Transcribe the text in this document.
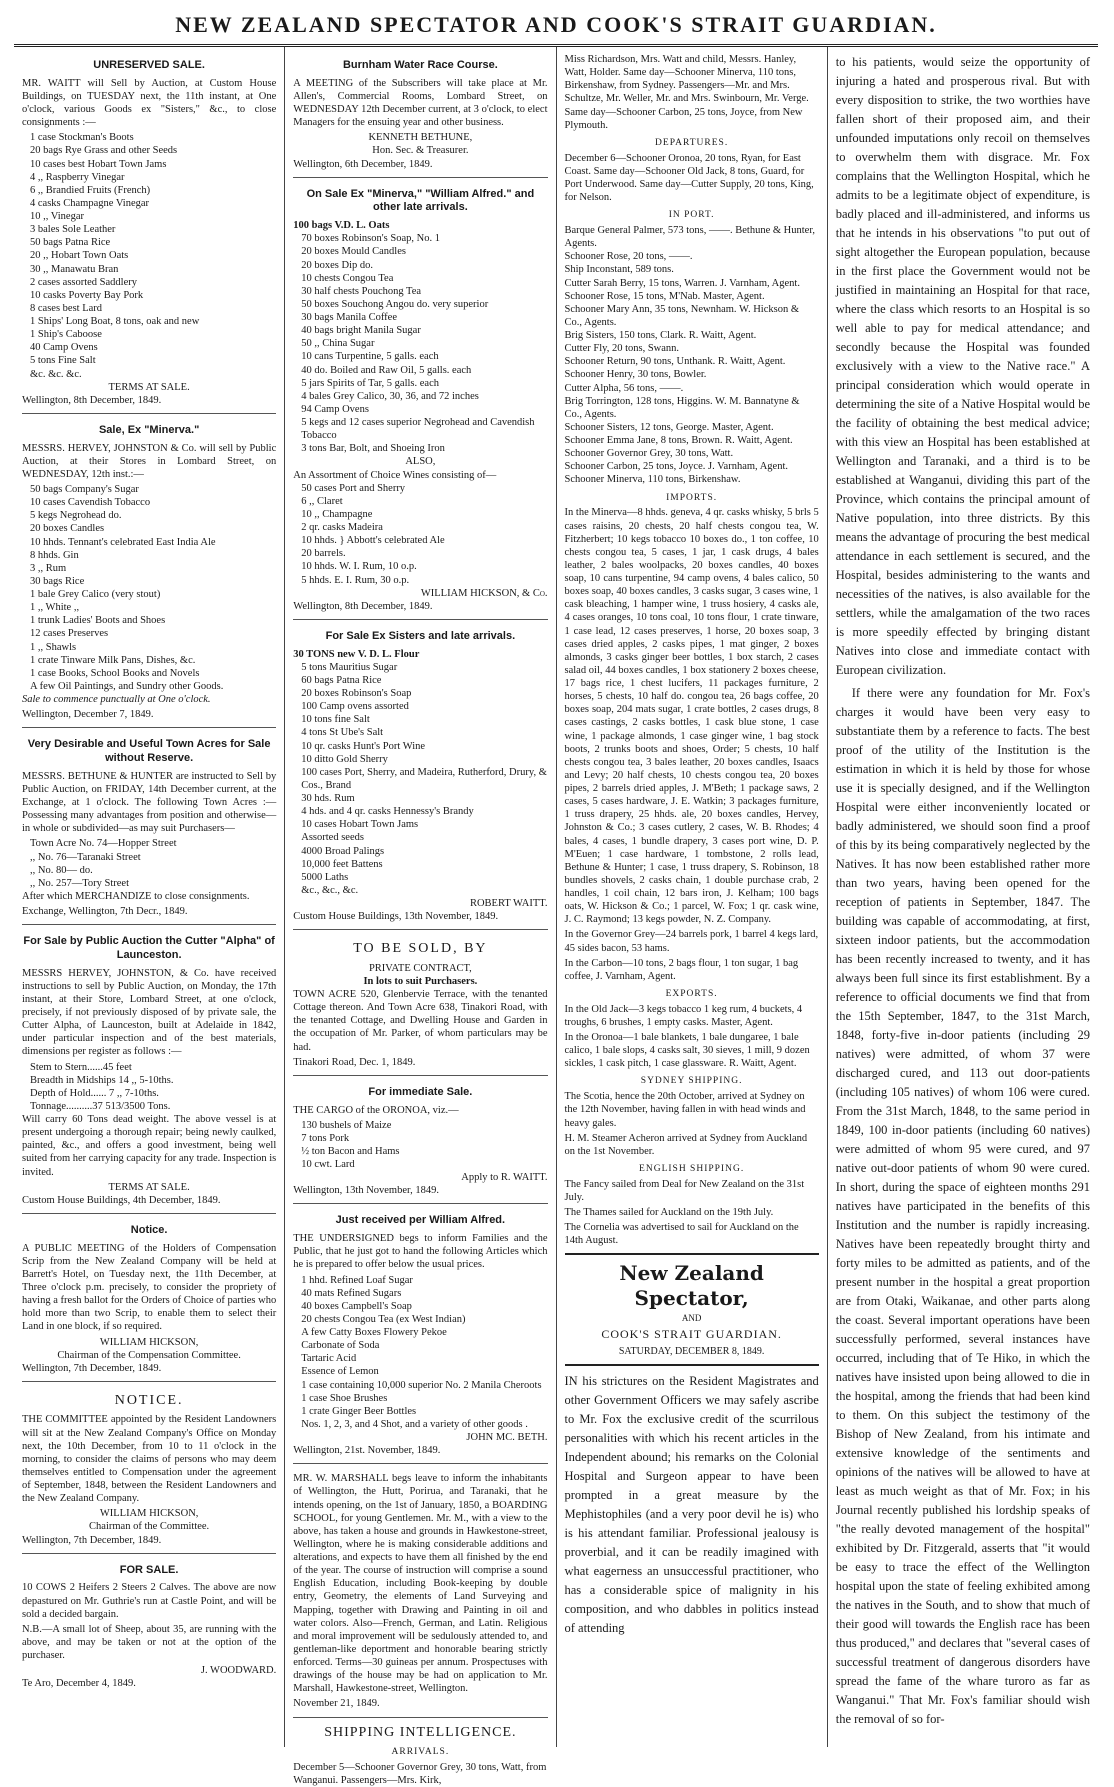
NEW ZEALAND SPECTATOR AND COOK'S STRAIT GUARDIAN.
UNRESERVED SALE.

MR. WAITT will Sell by Auction, at Custom House Buildings, on TUESDAY next, the 11th instant, at One o'clock, various Goods ex "Sisters," &c., to close consignments :—

1 case Stockman's Boots
20 bags Rye Grass and other Seeds
10 cases best Hobart Town Jams
4 ,, Raspberry Vinegar
6 ,, Brandied Fruits (French)
4 casks Champagne Vinegar
10 ,, Vinegar
3 bales Sole Leather
50 bags Patna Rice
20 ,, Hobart Town Oats
30 ,, Manawatu Bran
2 cases assorted Saddlery
10 casks Poverty Bay Pork
8 cases best Lard
1 Ships' Long Boat, 8 tons, oak and new
1 Ship's Caboose
40 Camp Ovens
5 tons Fine Salt
&c. &c. &c.
TERMS AT SALE.
Wellington, 8th December, 1849.
Sale, Ex "Minerva."

MESSRS. HERVEY, JOHNSTON & Co. will sell by Public Auction, at their Stores in Lombard Street, on WEDNESDAY, 12th inst.:—

50 bags Company's Sugar
10 cases Cavendish Tobacco
5 kegs Negrohead do.
20 boxes Candles
10 hhds. Tennant's celebrated East India Ale
8 hhds. Gin
3 ,, Rum
30 bags Rice
1 bale Grey Calico (very stout)
1 ,, White ,,
1 trunk Ladies' Boots and Shoes
12 cases Preserves
1 ,, Shawls
1 crate Tinware Milk Pans, Dishes, &c.
1 case Books, School Books and Novels
A few Oil Paintings, and Sundry other Goods.

Sale to commence punctually at One o'clock.

Wellington, December 7, 1849.
Very Desirable and Useful Town Acres for Sale without Reserve.

MESSRS. BETHUNE & HUNTER are instructed to Sell by Public Auction, on FRIDAY, 14th December current, at the Exchange, at 1 o'clock. The following Town Acres :—Possessing many advantages from position and otherwise—in whole or subdivided—as may suit Purchasers—

Town Acre No. 74—Hopper Street
,, No. 76—Taranaki Street
,, No. 80— do.
,, No. 257—Tory Street

After which MERCHANDIZE to close consignments.

Exchange, Wellington, 7th Decr., 1849.
For Sale by Public Auction the Cutter "Alpha" of Launceston.

MESSRS HERVEY, JOHNSTON, & Co. have received instructions to sell by Public Auction, on Monday, the 17th instant, at their Store, Lombard Street, at one o'clock, precisely, if not previously disposed of by private sale, the Cutter Alpha, of Launceston, built at Adelaide in 1842, under particular inspection and of the best materials, dimensions per register as follows :—

Stem to Stern......45 feet
Breadth in Midships 14 ,, 5-10ths.
Depth of Hold...... 7 ,, 7-10ths.
Tonnage..........37 513/3500 Tons.

Will carry 60 Tons dead weight. The above vessel is at present undergoing a thorough repair; being newly caulked, painted, &c., and offers a good investment, being well suited from her carrying capacity for any trade. Inspection is invited.

TERMS AT SALE.
Custom House Buildings, 4th December, 1849.
Notice.

A PUBLIC MEETING of the Holders of Compensation Scrip from the New Zealand Company will be held at Barrett's Hotel, on Tuesday next, the 11th December, at Three o'clock p.m. precisely, to consider the propriety of having a fresh ballot for the Orders of Choice of parties who hold more than two Scrip, to enable them to select their Land in one block, if so required.

WILLIAM HICKSON,
Chairman of the Compensation Committee.
Wellington, 7th December, 1849.
NOTICE.

THE COMMITTEE appointed by the Resident Landowners will sit at the New Zealand Company's Office on Monday next, the 10th December, from 10 to 11 o'clock in the morning, to consider the claims of persons who may deem themselves entitled to Compensation under the agreement of September, 1848, between the Resident Landowners and the New Zealand Company.

WILLIAM HICKSON,
Chairman of the Committee.
Wellington, 7th December, 1849.
FOR SALE.

10 COWS 2 Heifers 2 Steers 2 Calves. The above are now depastured on Mr. Guthrie's run at Castle Point, and will be sold a decided bargain.

N.B.—A small lot of Sheep, about 35, are running with the above, and may be taken or not at the option of the purchaser.

J. WOODWARD.
Te Aro, December 4, 1849.
Burnham Water Race Course.

A MEETING of the Subscribers will take place at Mr. Allen's, Commercial Rooms, Lombard Street, on WEDNESDAY 12th December current, at 3 o'clock, to elect Managers for the ensuing year and other business.

KENNETH BETHUNE,
Hon. Sec. & Treasurer.
Wellington, 6th December, 1849.
On Sale Ex "Minerva," "William Alfred." and other late arrivals.
100 bags V.D. L. Oats
70 boxes Robinson's Soap, No. 1
20 boxes Mould Candles
20 boxes Dip do.
10 chests Congou Tea
30 half chests Pouchong Tea
50 boxes Souchong Angou do. very superior
30 bags Manila Coffee
40 bags bright Manila Sugar
50 ,, China Sugar
10 cans Turpentine, 5 galls. each
40 do. Boiled and Raw Oil, 5 galls. each
5 jars Spirits of Tar, 5 galls. each
4 bales Grey Calico, 30, 36, and 72 inches
94 Camp Ovens
5 kegs and 12 cases superior Negrohead and Cavendish Tobacco
3 tons Bar, Bolt, and Shoeing Iron
ALSO,
An Assortment of Choice Wines consisting of—
50 cases Port and Sherry
6 ,, Claret
10 ,, Champagne
2 qr. casks Madeira
10 hhds. } Abbott's celebrated Ale
20 barrels.
10 hhds. W. I. Rum, 10 o.p.
5 hhds. E. I. Rum, 30 o.p.
WILLIAM HICKSON, & Co.
Wellington, 8th December, 1849.
For Sale Ex Sisters and late arrivals.
30 TONS new V. D. L. Flour
5 tons Mauritius Sugar
60 bags Patna Rice
20 boxes Robinson's Soap
100 Camp ovens assorted
10 tons fine Salt
4 tons St Ube's Salt
10 qr. casks Hunt's Port Wine
10 ditto Gold Sherry
100 cases Port, Sherry, and Madeira, Rutherford, Drury, & Cos., Brand
30 hds. Rum
4 hds. and 4 qr. casks Hennessy's Brandy
10 cases Hobart Town Jams
Assorted seeds
4000 Broad Palings
10,000 feet Battens
5000 Laths
&c., &c., &c.
ROBERT WAITT.
Custom House Buildings, 13th November, 1849.
TO BE SOLD, BY
PRIVATE CONTRACT,
In lots to suit Purchasers.

TOWN ACRE 520, Glenbervie Terrace, with the tenanted Cottage thereon. And Town Acre 638, Tinakori Road, with the tenanted Cottage, and Dwelling House and Garden in the occupation of Mr. Parker, of whom particulars may be had.

Tinakori Road, Dec. 1, 1849.
For immediate Sale.

THE CARGO of the ORONOA, viz.—

130 bushels of Maize
7 tons Pork
½ ton Bacon and Hams
10 cwt. Lard
Apply to R. WAITT.
Wellington, 13th November, 1849.
Just received per William Alfred.

THE UNDERSIGNED begs to inform Families and the Public, that he just got to hand the following Articles which he is prepared to offer below the usual prices.

1 hhd. Refined Loaf Sugar
40 mats Refined Sugars
40 boxes Campbell's Soap
20 chests Congou Tea (ex West Indian)
A few Catty Boxes Flowery Pekoe
Carbonate of Soda
Tartaric Acid
Essence of Lemon
1 case containing 10,000 superior No. 2 Manila Cheroots
1 case Shoe Brushes
1 crate Ginger Beer Bottles
Nos. 1, 2, 3, and 4 Shot, and a variety of other goods .
JOHN MC. BETH.
Wellington, 21st. November, 1849.

MR. W. MARSHALL begs leave to inform the inhabitants of Wellington, the Hutt, Porirua, and Taranaki, that he intends opening, on the 1st of January, 1850, a BOARDING SCHOOL, for young Gentlemen. Mr. M., with a view to the above, has taken a house and grounds in Hawkestone-street, Wellington, where he is making considerable additions and alterations, and expects to have them all finished by the end of the year. The course of instruction will comprise a sound English Education, including Book-keeping by double entry, Geometry, the elements of Land Surveying and Mapping, together with Drawing and Painting in oil and water colors. Also—French, German, and Latin. Religious and moral improvement will be sedulously attended to, and gentleman-like deportment and honorable bearing strictly enforced. Terms—30 guineas per annum. Prospectuses with drawings of the house may be had on application to Mr. Marshall, Hawkestone-street, Wellington.

November 21, 1849.
SHIPPING INTELLIGENCE.
ARRIVALS.

December 5—Schooner Governor Grey, 30 tons, Watt, from Wanganui. Passengers—Mrs. Kirk,

Miss Richardson, Mrs. Watt and child, Messrs. Hanley, Watt, Holder. Same day—Schooner Minerva, 110 tons, Birkenshaw, from Sydney. Passengers—Mr. and Mrs. Schultze, Mr. Weller, Mr. and Mrs. Swinbourn, Mr. Verge. Same day—Schooner Carbon, 25 tons, Joyce, from New Plymouth.

DEPARTURES.

December 6—Schooner Oronoa, 20 tons, Ryan, for East Coast. Same day—Schooner Old Jack, 8 tons, Guard, for Port Underwood. Same day—Cutter Supply, 20 tons, King, for Nelson.

IN PORT.
Barque General Palmer, 573 tons, ——. Bethune & Hunter, Agents.
Schooner Rose, 20 tons, ——.
Ship Inconstant, 589 tons.
Cutter Sarah Berry, 15 tons, Warren. J. Varnham, Agent.
Schooner Rose, 15 tons, M'Nab. Master, Agent.
Schooner Mary Ann, 35 tons, Newnham. W. Hickson & Co., Agents.
Brig Sisters, 150 tons, Clark. R. Waitt, Agent.
Cutter Fly, 20 tons, Swann.
Schooner Return, 90 tons, Unthank. R. Waitt, Agent.
Schooner Henry, 30 tons, Bowler.
Cutter Alpha, 56 tons, ——.
Brig Torrington, 128 tons, Higgins. W. M. Bannatyne & Co., Agents.
Schooner Sisters, 12 tons, George. Master, Agent.
Schooner Emma Jane, 8 tons, Brown. R. Waitt, Agent.
Schooner Governor Grey, 30 tons, Watt.
Schooner Carbon, 25 tons, Joyce. J. Varnham, Agent.
Schooner Minerva, 110 tons, Birkenshaw.
IMPORTS.

In the Minerva—8 hhds. geneva, 4 qr. casks whisky, 5 brls 5 cases raisins, 20 chests, 20 half chests congou tea, W. Fitzherbert; 10 kegs tobacco 10 boxes do., 1 ton coffee, 10 chests congou tea, 5 cases, 1 jar, 1 cask drugs, 4 bales leather, 2 bales woolpacks, 20 boxes candles, 40 boxes soap, 10 cans turpentine, 94 camp ovens, 4 bales calico, 50 boxes soap, 40 boxes candles, 3 casks sugar, 3 cases wine, 1 cask bleaching, 1 hamper wine, 1 truss hosiery, 4 casks ale, 4 cases oranges, 10 tons coal, 10 tons flour, 1 crate tinware, 1 case lead, 12 cases preserves, 1 horse, 20 boxes soap, 3 cases dried apples, 2 casks pipes, 1 mat ginger, 2 boxes almonds, 3 casks ginger beer bottles, 1 box starch, 2 cases salad oil, 44 boxes candles, 1 box stationery 2 boxes cheese, 17 bags rice, 1 chest lucifers, 11 packages furniture, 2 horses, 5 chests, 10 half do. congou tea, 26 bags coffee, 20 boxes soap, 204 mats sugar, 1 crate bottles, 2 cases drugs, 8 cases castings, 2 casks bottles, 1 cask blue stone, 1 case wine, 1 package almonds, 1 case ginger wine, 1 bag stock boots, 2 trunks boots and shoes, Order; 5 chests, 10 half chests congou tea, 3 bales leather, 20 boxes candles, Isaacs and Levy; 20 half chests, 10 chests congou tea, 20 boxes pipes, 2 barrels dried apples, J. M'Beth; 1 package saws, 2 cases, 5 cases hardware, J. E. Watkin; 3 packages furniture, 1 truss drapery, 25 hhds. ale, 20 boxes candles, Hervey, Johnston & Co.; 3 cases cutlery, 2 cases, W. B. Rhodes; 4 bales, 4 cases, 1 bundle drapery, 3 cases port wine, D. P. M'Euen; 1 case hardware, 1 tombstone, 2 rolls lead, Bethune & Hunter; 1 case, 1 truss drapery, S. Robinson, 18 bundles shovels, 2 casks chain, 1 double purchase crab, 2 handles, 1 coil chain, 12 bars iron, J. Kelham; 100 bags oats, W. Hickson & Co.; 1 parcel, W. Fox; 1 qr. cask wine, J. C. Raymond; 13 kegs powder, N. Z. Company.

In the Governor Grey—24 barrels pork, 1 barrel 4 kegs lard, 45 sides bacon, 53 hams.

In the Carbon—10 tons, 2 bags flour, 1 ton sugar, 1 bag coffee, J. Varnham, Agent.

EXPORTS.

In the Old Jack—3 kegs tobacco 1 keg rum, 4 buckets, 4 troughs, 6 brushes, 1 empty casks. Master, Agent.

In the Oronoa—1 bale blankets, 1 bale dungaree, 1 bale calico, 1 bale slops, 4 casks salt, 30 sieves, 1 mill, 9 dozen sickles, 1 cask pitch, 1 case glassware. R. Waitt, Agent.

SYDNEY SHIPPING.

The Scotia, hence the 20th October, arrived at Sydney on the 12th November, having fallen in with head winds and heavy gales.

H. M. Steamer Acheron arrived at Sydney from Auckland on the 1st November.

ENGLISH SHIPPING.

The Fancy sailed from Deal for New Zealand on the 31st July.

The Thames sailed for Auckland on the 19th July.

The Cornelia was advertised to sail for Auckland on the 14th August.

New Zealand Spectator,
AND
COOK'S STRAIT GUARDIAN.
SATURDAY, DECEMBER 8, 1849.

IN his strictures on the Resident Magistrates and other Government Officers we may safely ascribe to Mr. Fox the exclusive credit of the scurrilous personalities with which his recent articles in the Independent abound; his remarks on the Colonial Hospital and Surgeon appear to have been prompted in a great measure by the Mephistophiles (and a very poor devil he is) who is his attendant familiar. Professional jealousy is proverbial, and it can be readily imagined with what eagerness an unsuccessful practitioner, who has a considerable spice of malignity in his composition, and who dabbles in politics instead of attending

to his patients, would seize the opportunity of injuring a hated and prosperous rival. But with every disposition to strike, the two worthies have fallen short of their proposed aim, and their unfounded imputations only recoil on themselves to overwhelm them with disgrace. Mr. Fox complains that the Wellington Hospital, which he admits to be a legitimate object of expenditure, is badly placed and ill-administered, and informs us that he intends in his observations "to put out of sight altogether the European population, because in the first place the Government would not be justified in maintaining an Hospital for that race, where the class which resorts to an Hospital is so well able to pay for medical attendance; and secondly because the Hospital was founded exclusively with a view to the Native race." A principal consideration which would operate in determining the site of a Native Hospital would be the facility of obtaining the best medical advice; with this view an Hospital has been established at Wellington and Taranaki, and a third is to be established at Wanganui, dividing this part of the Province, which contains the principal amount of Native population, into three districts. By this means the advantage of procuring the best medical attendance in each settlement is secured, and the Hospital, besides administering to the wants and necessities of the natives, is also available for the settlers, while the amalgamation of the two races is more speedily effected by bringing distant Natives into close and immediate contact with European civilization.

If there were any foundation for Mr. Fox's charges it would have been very easy to substantiate them by a reference to facts. The best proof of the utility of the Institution is the estimation in which it is held by those for whose use it is specially designed, and if the Wellington Hospital were either inconveniently located or badly administered, we should soon find a proof of this by its being comparatively neglected by the Natives. It has now been established rather more than two years, having been opened for the reception of patients in September, 1847. The building was capable of accommodating, at first, sixteen indoor patients, but the accommodation has been recently increased to twenty, and it has always been full since its first establishment. By a reference to official documents we find that from the 15th September, 1847, to the 31st March, 1848, forty-five in-door patients (including 29 natives) were admitted, of whom 37 were discharged cured, and 113 out door-patients (including 105 natives) of whom 106 were cured. From the 31st March, 1848, to the same period in 1849, 100 in-door patients (including 60 natives) were admitted of whom 95 were cured, and 97 native out-door patients of whom 90 were cured. In short, during the space of eighteen months 291 natives have participated in the benefits of this Institution and the number is rapidly increasing. Natives have been repeatedly brought thirty and forty miles to be admitted as patients, and of the present number in the hospital a great proportion are from Otaki, Waikanae, and other parts along the coast. Several important operations have been successfully performed, several instances have occurred, including that of Te Hiko, in which the natives have insisted upon being allowed to die in the hospital, among the friends that had been kind to them. On this subject the testimony of the Bishop of New Zealand, from his intimate and extensive knowledge of the sentiments and opinions of the natives will be allowed to have at least as much weight as that of Mr. Fox; in his Journal recently published his lordship speaks of "the really devoted management of the hospital" exhibited by Dr. Fitzgerald, asserts that "it would be easy to trace the effect of the Wellington hospital upon the state of feeling exhibited among the natives in the South, and to show that much of their good will towards the English race has been thus produced," and declares that "several cases of successful treatment of dangerous disorders have spread the fame of the whare turoro as far as Wanganui." That Mr. Fox's familiar should wish the removal of so for-
